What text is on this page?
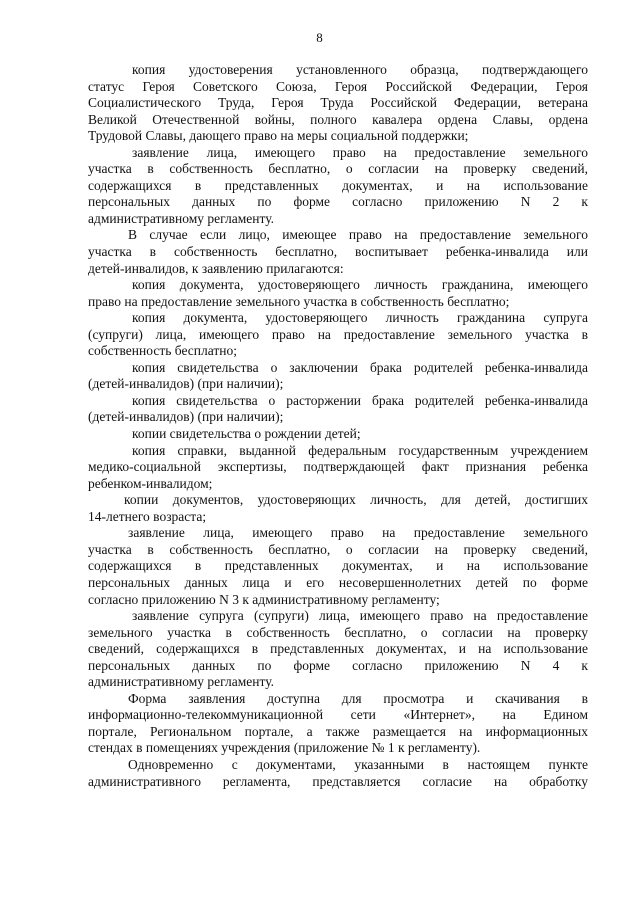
8
копия удостоверения установленного образца, подтверждающего
статус Героя Советского Союза, Героя Российской Федерации, Героя
Социалистического Труда, Героя Труда Российской Федерации, ветерана
Великой Отечественной войны, полного кавалера ордена Славы, ордена
Трудовой Славы, дающего право на меры социальной поддержки;
заявление лица, имеющего право на предоставление земельного
участка в собственность бесплатно, о согласии на проверку сведений,
содержащихся в представленных документах, и на использование
персональных данных по форме согласно приложению N 2 к
административному регламенту.
В случае если лицо, имеющее право на предоставление земельного
участка в собственность бесплатно, воспитывает ребенка-инвалида или
детей-инвалидов, к заявлению прилагаются:
копия документа, удостоверяющего личность гражданина, имеющего
право на предоставление земельного участка в собственность бесплатно;
копия документа, удостоверяющего личность гражданина супруга
(супруги) лица, имеющего право на предоставление земельного участка в
собственность бесплатно;
копия свидетельства о заключении брака родителей ребенка-инвалида
(детей-инвалидов) (при наличии);
копия свидетельства о расторжении брака родителей ребенка-инвалида
(детей-инвалидов) (при наличии);
копии свидетельства о рождении детей;
копия справки, выданной федеральным государственным учреждением
медико-социальной экспертизы, подтверждающей факт признания ребенка
ребенком-инвалидом;
копии документов, удостоверяющих личность, для детей, достигших
14-летнего возраста;
заявление лица, имеющего право на предоставление земельного
участка в собственность бесплатно, о согласии на проверку сведений,
содержащихся в представленных документах, и на использование
персональных данных лица и его несовершеннолетних детей по форме
согласно приложению N 3 к административному регламенту;
заявление супруга (супруги) лица, имеющего право на предоставление
земельного участка в собственность бесплатно, о согласии на проверку
сведений, содержащихся в представленных документах, и на использование
персональных данных по форме согласно приложению N 4 к
административному регламенту.
Форма заявления доступна для просмотра и скачивания в
информационно-телекоммуникационной сети «Интернет», на Едином
портале, Региональном портале, а также размещается на информационных
стендах в помещениях учреждения (приложение № 1 к регламенту).
Одновременно с документами, указанными в настоящем пункте
административного регламента, представляется согласие на обработку
